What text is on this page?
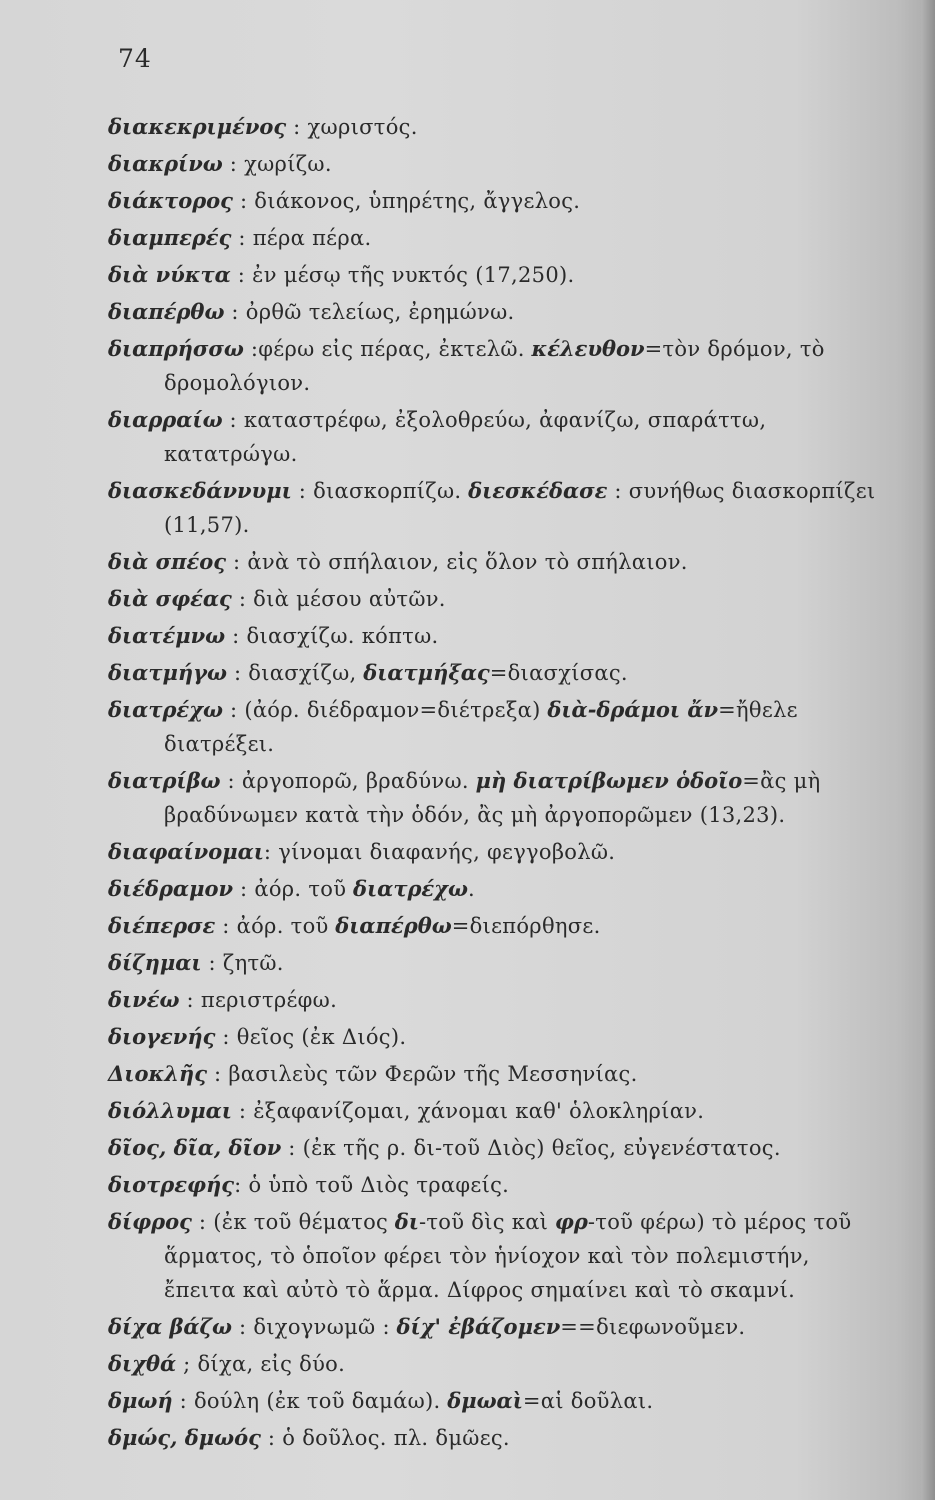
74
διακεκριμένος : χωριστός.
διακρίνω : χωρίζω.
διάκτορος : διάκονος, ὑπηρέτης, ἄγγελος.
διαμπερές : πέρα πέρα.
διὰ νύκτα : ἐν μέσῳ τῆς νυκτός (17,250).
διαπέρθω : ὀρθῶ τελείως, ἐρημώνω.
διαπρήσσω :φέρω εἰς πέρας, ἐκτελῶ. κέλευθον=τὸν δρόμον, τὸ δρομολόγιον.
διαρραίω : καταστρέφω, ἐξολοθρεύω, ἀφανίζω, σπαράττω, κατατρώγω.
διασκεδάννυμι : διασκορπίζω. διεσκέδασε : συνήθως διασκορπίζει (11,57).
διὰ σπέος : ἀνὰ τὸ σπήλαιον, εἰς ὅλον τὸ σπήλαιον.
διὰ σφέας : διὰ μέσου αὐτῶν.
διατέμνω : διασχίζω. κόπτω.
διατμήγω : διασχίζω, διατμήξας=διασχίσας.
διατρέχω : (ἀόρ. διέδραμον=διέτρεξα) διὰ-δράμοι ἄν=ἤθελε διατρέξει.
διατρίβω : ἀργοπορῶ, βραδύνω. μὴ διατρίβωμεν ὁδοῖο=ἂς μὴ βραδύνωμεν κατὰ τὴν ὁδόν, ἂς μὴ ἀργοπορῶμεν (13,23).
διαφαίνομαι: γίνομαι διαφανής, φεγγοβολῶ.
διέδραμον : ἀόρ. τοῦ διατρέχω.
διέπερσε : ἀόρ. τοῦ διαπέρθω=διεπόρθησε.
δίζημαι : ζητῶ.
δινέω : περιστρέφω.
διογενής : θεῖος (ἐκ Διός).
Διοκλῆς : βασιλεὺς τῶν Φερῶν τῆς Μεσσηνίας.
διόλλυμαι : ἐξαφανίζομαι, χάνομαι καθ' ὁλοκληρίαν.
δῖος, δῖα, δῖον : (ἐκ τῆς ρ. δι-τοῦ Διὸς) θεῖος, εὐγενέστατος.
διοτρεφής: ὁ ὑπὸ τοῦ Διὸς τραφείς.
δίφρος : (ἐκ τοῦ θέματος δι-τοῦ δὶς καὶ φρ-τοῦ φέρω) τὸ μέρος τοῦ ἅρματος, τὸ ὁποῖον φέρει τὸν ἡνίοχον καὶ τὸν πολεμιστήν, ἔπειτα καὶ αὐτὸ τὸ ἅρμα. Δίφρος σημαίνει καὶ τὸ σκαμνί.
δίχα βάζω : διχογνωμῶ : δίχ' ἐβάζομεν==διεφωνοῦμεν.
διχθά ; δίχα, εἰς δύο.
δμωή : δούλη (ἐκ τοῦ δαμάω). δμωαὶ=αἱ δοῦλαι.
δμώς, δμωός : ὁ δοῦλος. πλ. δμῶες.
